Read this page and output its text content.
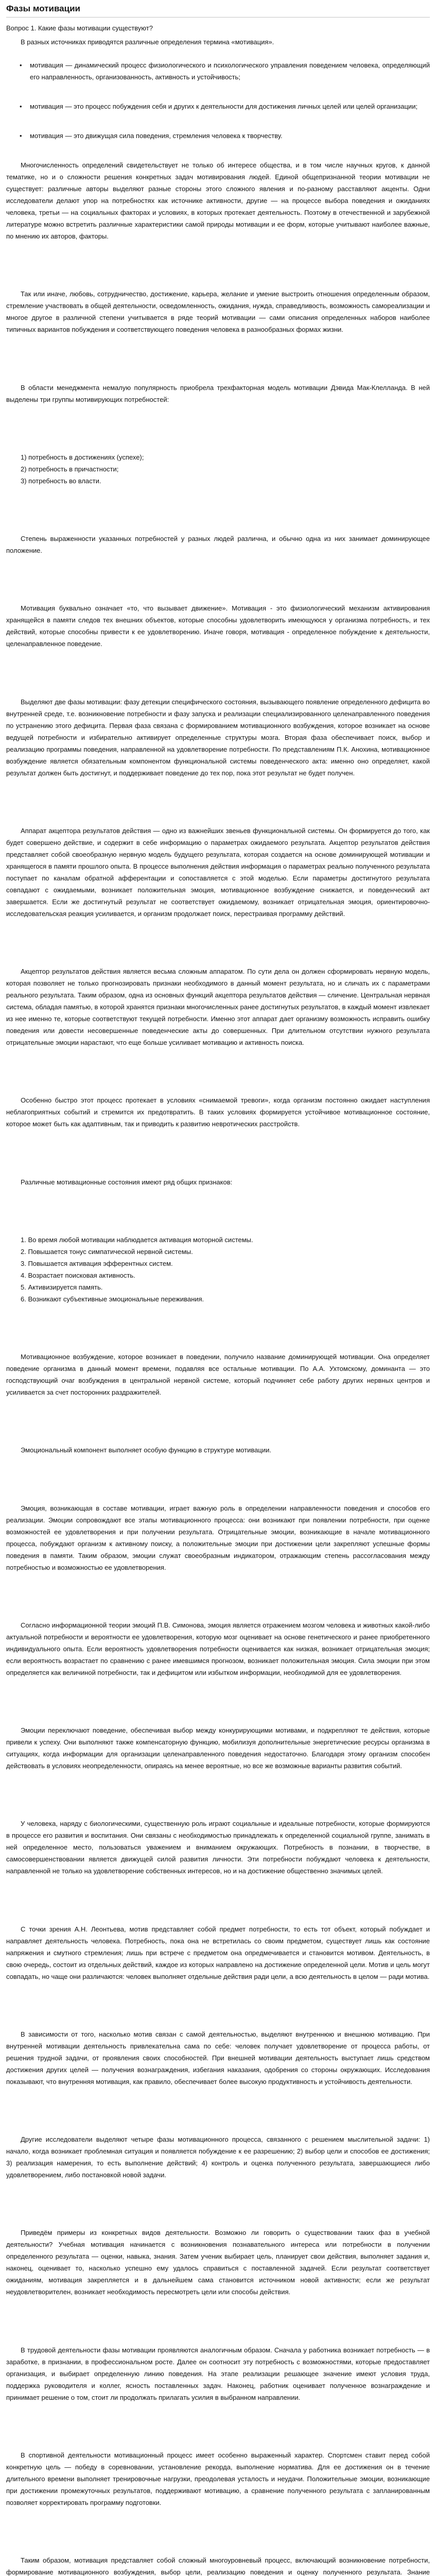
Фазы мотивации
Вопрос 1. Какие фазы мотивации существуют?

В разных источниках приводятся различные определения термина «мотивация».

• мотивация — динамический процесс физиологического и психологического управления поведением человека, определяющий его направленность, организованность, активность и устойчивость;
• мотивация — это процесс побуждения себя и других к деятельности для достижения личных целей или целей организации;
• мотивация — это движущая сила поведения, стремления человека к творчеству.

Многочисленность определений свидетельствует не только об интересе общества, и в том числе научных кругов, к данной тематике, но и о сложности решения конкретных задач мотивирования людей. Единой общепризнанной теории мотивации не существует: различные авторы выделяют разные стороны этого сложного явления и по-разному расставляют акценты. Одни исследователи делают упор на потребностях как источнике активности, другие — на процессе выбора поведения и ожиданиях человека, третьи — на социальных факторах и условиях, в которых протекает деятельность. Поэтому в отечественной и зарубежной литературе можно встретить различные характеристики самой природы мотивации и ее форм, которые учитывают наиболее важные, по мнению их авторов, факторы.

Так или иначе, любовь, сотрудничество, достижение, карьера, желание и умение выстроить отношения определенным образом, стремление участвовать в общей деятельности, осведомленность, ожидания, нужда, справедливость, возможность самореализации и многое другое в различной степени учитывается в ряде теорий мотивации — сами описания определенных наборов наиболее типичных вариантов побуждения и соответствующего поведения человека в разнообразных формах жизни.

В области менеджмента немалую популярность приобрела трехфакторная модель мотивации Дэвида Мак-Клелланда. В ней выделены три группы мотивирующих потребностей:

1) потребность в достижениях (успехе);
2) потребность в причастности;
3) потребность во власти.

Степень выраженности указанных потребностей у разных людей различна, и обычно одна из них занимает доминирующее положение.

Мотивация буквально означает «то, что вызывает движение». Мотивация - это физиологический механизм активирования хранящейся в памяти следов тех внешних объектов, которые способны удовлетворить имеющуюся у организма потребность, и тех действий, которые способны привести к ее удовлетворению. Иначе говоря, мотивация - определенное побуждение к деятельности, целенаправленное поведение.

Выделяют две фазы мотивации: фазу детекции специфического состояния, вызывающего появление определенного дефицита во внутренней среде, т.е. возникновение потребности и фазу запуска и реализации специализированного целенаправленного поведения по устранению этого дефицита. Первая фаза связана с формированием мотивационного возбуждения, которое возникает на основе ведущей потребности и избирательно активирует определенные структуры мозга. Вторая фаза обеспечивает поиск, выбор и реализацию программы поведения, направленной на удовлетворение потребности. По представлениям П.К. Анохина, мотивационное возбуждение является обязательным компонентом функциональной системы поведенческого акта: именно оно определяет, какой результат должен быть достигнут, и поддерживает поведение до тех пор, пока этот результат не будет получен.

Аппарат акцептора результатов действия — одно из важнейших звеньев функциональной системы. Он формируется до того, как будет совершено действие, и содержит в себе информацию о параметрах ожидаемого результата. Акцептор результатов действия представляет собой своеобразную нервную модель будущего результата, которая создается на основе доминирующей мотивации и хранящегося в памяти прошлого опыта. В процессе выполнения действия информация о параметрах реально полученного результата поступает по каналам обратной афферентации и сопоставляется с этой моделью. Если параметры достигнутого результата совпадают с ожидаемыми, возникает положительная эмоция, мотивационное возбуждение снижается, и поведенческий акт завершается. Если же достигнутый результат не соответствует ожидаемому, возникает отрицательная эмоция, ориентировочно-исследовательская реакция усиливается, и организм продолжает поиск, перестраивая программу действий.

Акцептор результатов действия является весьма сложным аппаратом. По сути дела он должен сформировать нервную модель, которая позволяет не только прогнозировать признаки необходимого в данный момент результата, но и сличать их с параметрами реального результата. Таким образом, одна из основных функций акцептора результатов действия — сличение. Центральная нервная система, обладая памятью, в которой хранятся признаки многочисленных ранее достигнутых результатов, в каждый момент извлекает из нее именно те, которые соответствуют текущей потребности. Именно этот аппарат дает организму возможность исправить ошибку поведения или довести несовершенные поведенческие акты до совершенных. При длительном отсутствии нужного результата отрицательные эмоции нарастают, что еще больше усиливает мотивацию и активность поиска.

Особенно быстро этот процесс протекает в условиях «снимаемой тревоги», когда организм постоянно ожидает наступления неблагоприятных событий и стремится их предотвратить. В таких условиях формируется устойчивое мотивационное состояние, которое может быть как адаптивным, так и приводить к развитию невротических расстройств.

Различные мотивационные состояния имеют ряд общих признаков:

1. Во время любой мотивации наблюдается активация моторной системы.
2. Повышается тонус симпатической нервной системы.
3. Повышается активация эфферентных систем.
4. Возрастает поисковая активность.
5. Активизируется память.
6. Возникают субъективные эмоциональные переживания.

Мотивационное возбуждение, которое возникает в поведении, получило название доминирующей мотивации. Она определяет поведение организма в данный момент времени, подавляя все остальные мотивации. По А.А. Ухтомскому, доминанта — это господствующий очаг возбуждения в центральной нервной системе, который подчиняет себе работу других нервных центров и усиливается за счет посторонних раздражителей.

Эмоциональный компонент выполняет особую функцию в структуре мотивации.

Эмоция, возникающая в составе мотивации, играет важную роль в определении направленности поведения и способов его реализации. Эмоции сопровождают все этапы мотивационного процесса: они возникают при появлении потребности, при оценке возможностей ее удовлетворения и при получении результата. Отрицательные эмоции, возникающие в начале мотивационного процесса, побуждают организм к активному поиску, а положительные эмоции при достижении цели закрепляют успешные формы поведения в памяти. Таким образом, эмоции служат своеобразным индикатором, отражающим степень рассогласования между потребностью и возможностью ее удовлетворения.

Согласно информационной теории эмоций П.В. Симонова, эмоция является отражением мозгом человека и животных какой-либо актуальной потребности и вероятности ее удовлетворения, которую мозг оценивает на основе генетического и ранее приобретенного индивидуального опыта. Если вероятность удовлетворения потребности оценивается как низкая, возникает отрицательная эмоция; если вероятность возрастает по сравнению с ранее имевшимся прогнозом, возникает положительная эмоция. Сила эмоции при этом определяется как величиной потребности, так и дефицитом или избытком информации, необходимой для ее удовлетворения.

Эмоции переключают поведение, обеспечивая выбор между конкурирующими мотивами, и подкрепляют те действия, которые привели к успеху. Они выполняют также компенсаторную функцию, мобилизуя дополнительные энергетические ресурсы организма в ситуациях, когда информации для организации целенаправленного поведения недостаточно. Благодаря этому организм способен действовать в условиях неопределенности, опираясь на менее вероятные, но все же возможные варианты развития событий.

У человека, наряду с биологическими, существенную роль играют социальные и идеальные потребности, которые формируются в процессе его развития и воспитания. Они связаны с необходимостью принадлежать к определенной социальной группе, занимать в ней определенное место, пользоваться уважением и вниманием окружающих. Потребность в познании, в творчестве, в самосовершенствовании является движущей силой развития личности. Эти потребности побуждают человека к деятельности, направленной не только на удовлетворение собственных интересов, но и на достижение общественно значимых целей.

С точки зрения А.Н. Леонтьева, мотив представляет собой предмет потребности, то есть тот объект, который побуждает и направляет деятельность человека. Потребность, пока она не встретилась со своим предметом, существует лишь как состояние напряжения и смутного стремления; лишь при встрече с предметом она опредмечивается и становится мотивом. Деятельность, в свою очередь, состоит из отдельных действий, каждое из которых направлено на достижение определенной цели. Мотив и цель могут совпадать, но чаще они различаются: человек выполняет отдельные действия ради цели, а всю деятельность в целом — ради мотива.

В зависимости от того, насколько мотив связан с самой деятельностью, выделяют внутреннюю и внешнюю мотивацию. При внутренней мотивации деятельность привлекательна сама по себе: человек получает удовлетворение от процесса работы, от решения трудной задачи, от проявления своих способностей. При внешней мотивации деятельность выступает лишь средством достижения других целей — получения вознаграждения, избегания наказания, одобрения со стороны окружающих. Исследования показывают, что внутренняя мотивация, как правило, обеспечивает более высокую продуктивность и устойчивость деятельности.

Другие исследователи выделяют четыре фазы мотивационного процесса, связанного с решением мыслительной задачи: 1) начало, когда возникает проблемная ситуация и появляется побуждение к ее разрешению; 2) выбор цели и способов ее достижения; 3) реализация намерения, то есть выполнение действий; 4) контроль и оценка полученного результата, завершающиеся либо удовлетворением, либо постановкой новой задачи.

Приведём примеры из конкретных видов деятельности. Возможно ли говорить о существовании таких фаз в учебной деятельности? Учебная мотивация начинается с возникновения познавательного интереса или потребности в получении определенного результата — оценки, навыка, знания. Затем ученик выбирает цель, планирует свои действия, выполняет задания и, наконец, оценивает то, насколько успешно ему удалось справиться с поставленной задачей. Если результат соответствует ожиданиям, мотивация закрепляется и в дальнейшем сама становится источником новой активности; если же результат неудовлетворителен, возникает необходимость пересмотреть цели или способы действия.

В трудовой деятельности фазы мотивации проявляются аналогичным образом. Сначала у работника возникает потребность — в заработке, в признании, в профессиональном росте. Далее он соотносит эту потребность с возможностями, которые предоставляет организация, и выбирает определенную линию поведения. На этапе реализации решающее значение имеют условия труда, поддержка руководителя и коллег, ясность поставленных задач. Наконец, работник оценивает полученное вознаграждение и принимает решение о том, стоит ли продолжать прилагать усилия в выбранном направлении.

В спортивной деятельности мотивационный процесс имеет особенно выраженный характер. Спортсмен ставит перед собой конкретную цель — победу в соревновании, установление рекорда, выполнение норматива. Для ее достижения он в течение длительного времени выполняет тренировочные нагрузки, преодолевая усталость и неудачи. Положительные эмоции, возникающие при достижении промежуточных результатов, поддерживают мотивацию, а сравнение полученного результата с запланированным позволяет корректировать программу подготовки.

Таким образом, мотивация представляет собой сложный многоуровневый процесс, включающий возникновение потребности, формирование мотивационного возбуждения, выбор цели, реализацию поведения и оценку полученного результата. Знание
